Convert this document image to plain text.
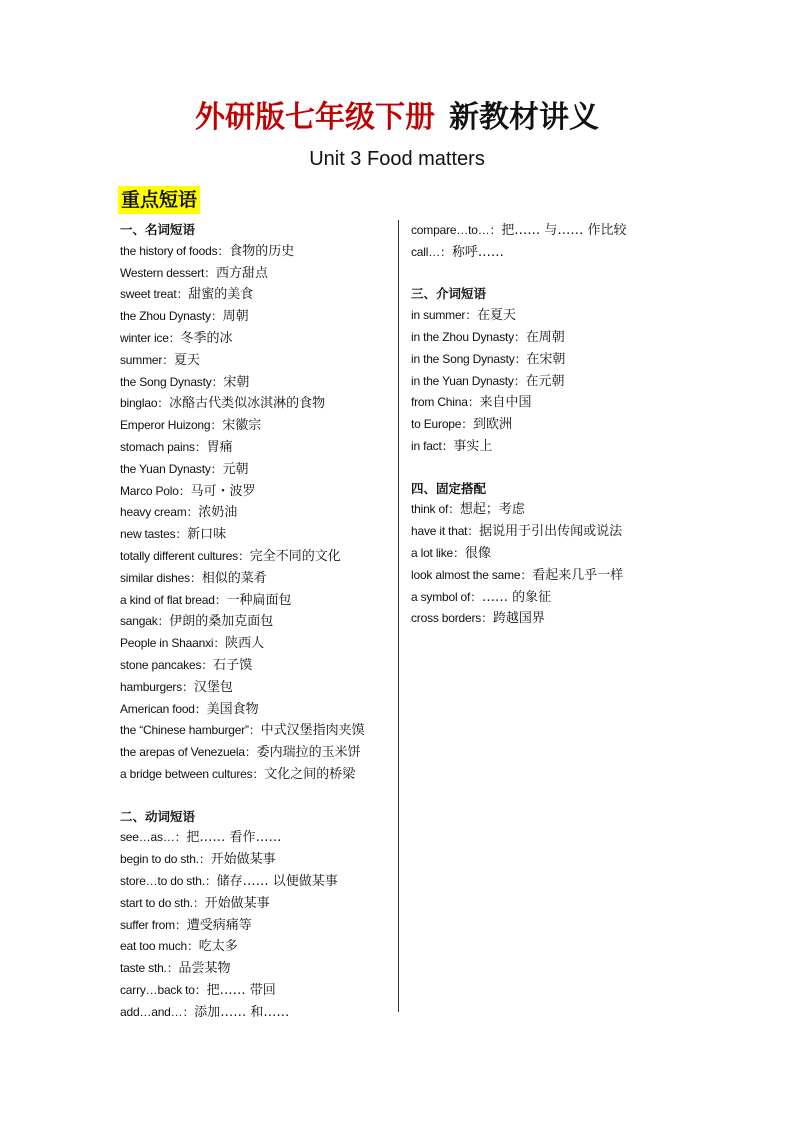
外研版七年级下册 新教材讲义
Unit 3 Food matters
重点短语
一、名词短语
the history of foods：食物的历史
Western dessert：西方甜点
sweet treat：甜蜜的美食
the Zhou Dynasty：周朝
winter ice：冬季的冰
summer：夏天
the Song Dynasty：宋朝
binglao：冰酪古代类似冰淇淋的食物
Emperor Huizong：宋徽宗
stomach pains：胃痛
the Yuan Dynasty：元朝
Marco Polo：马可・波罗
heavy cream：浓奶油
new tastes：新口味
totally different cultures：完全不同的文化
similar dishes：相似的菜肴
a kind of flat bread：一种扁面包
sangak：伊朗的桑加克面包
People in Shaanxi：陕西人
stone pancakes：石子馍
hamburgers：汉堡包
American food：美国食物
the “Chinese hamburger”：中式汉堡指肉夹馍
the arepas of Venezuela：委内瑞拉的玉米饼
a bridge between cultures：文化之间的桥梁
二、动词短语
see…as…：把…… 看作……
begin to do sth.：开始做某事
store…to do sth.：储存…… 以便做某事
start to do sth.：开始做某事
suffer from：遭受病痛等
eat too much：吃太多
taste sth.：品尝某物
carry…back to：把…… 带回
add…and…：添加…… 和……
compare…to…：把…… 与…… 作比较
call…：称呼……
三、介词短语
in summer：在夏天
in the Zhou Dynasty：在周朝
in the Song Dynasty：在宋朝
in the Yuan Dynasty：在元朝
from China：来自中国
to Europe：到欧洲
in fact：事实上
四、固定搭配
think of：想起；考虑
have it that：据说用于引出传闻或说法
a lot like：很像
look almost the same：看起来几乎一样
a symbol of：…… 的象征
cross borders：跨越国界
